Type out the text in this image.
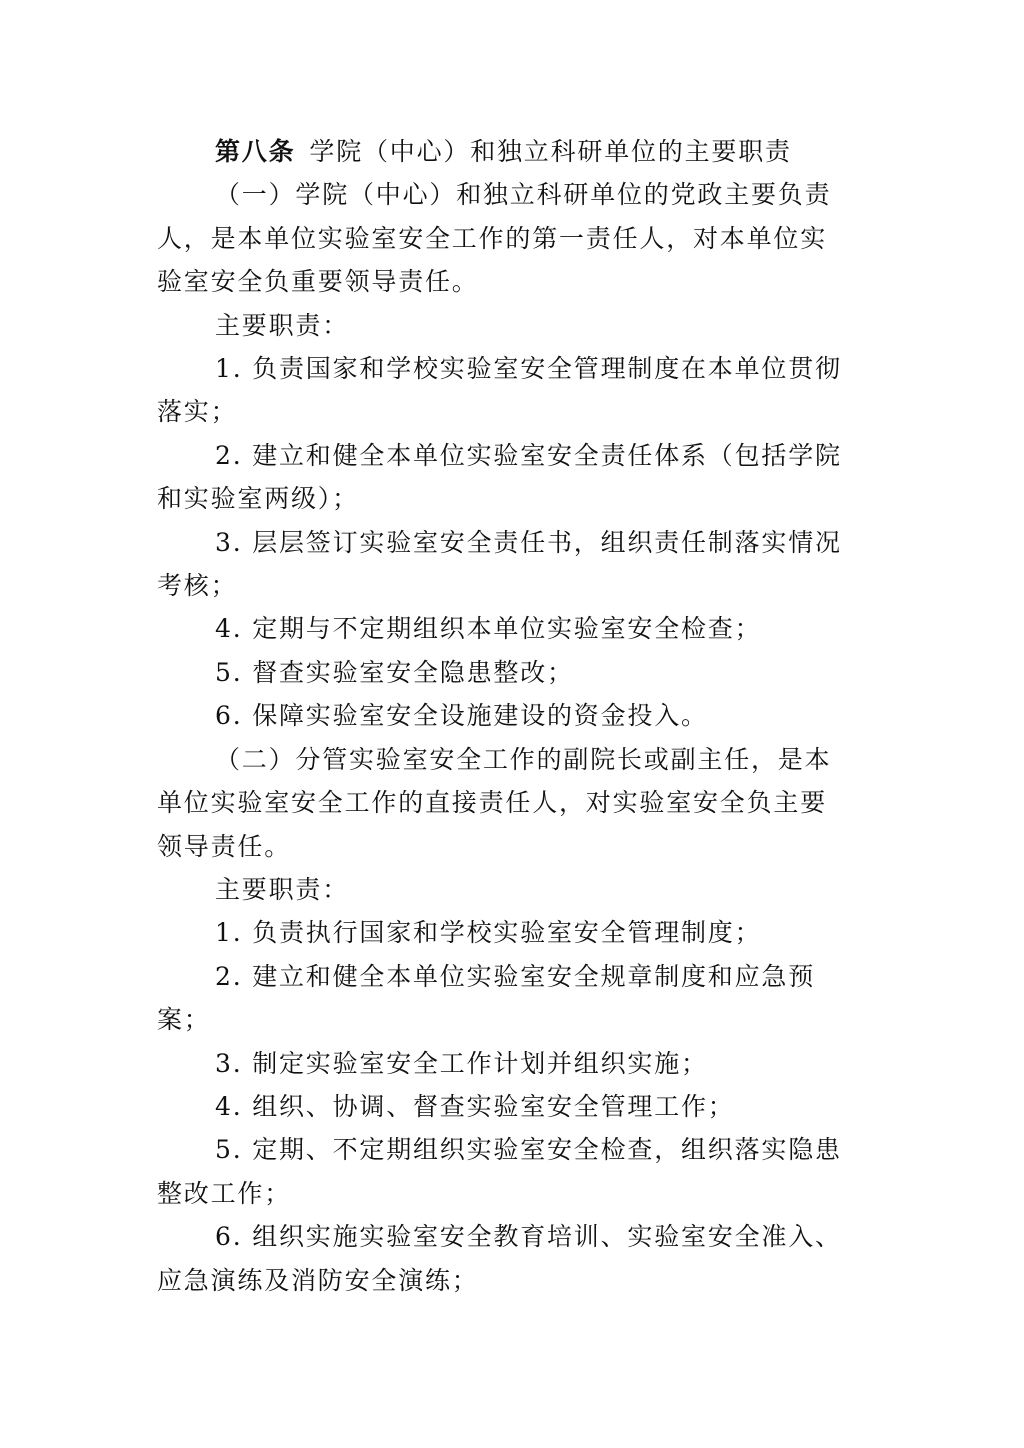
第八条 学院（中心）和独立科研单位的主要职责
（一）学院（中心）和独立科研单位的党政主要负责
人，是本单位实验室安全工作的第一责任人，对本单位实
验室安全负重要领导责任。
主要职责：
1. 负责国家和学校实验室安全管理制度在本单位贯彻
落实；
2. 建立和健全本单位实验室安全责任体系（包括学院
和实验室两级）；
3. 层层签订实验室安全责任书，组织责任制落实情况
考核；
4. 定期与不定期组织本单位实验室安全检查；
5. 督查实验室安全隐患整改；
6. 保障实验室安全设施建设的资金投入。
（二）分管实验室安全工作的副院长或副主任，是本
单位实验室安全工作的直接责任人，对实验室安全负主要
领导责任。
主要职责：
1. 负责执行国家和学校实验室安全管理制度；
2. 建立和健全本单位实验室安全规章制度和应急预
案；
3. 制定实验室安全工作计划并组织实施；
4. 组织、协调、督查实验室安全管理工作；
5. 定期、不定期组织实验室安全检查，组织落实隐患
整改工作；
6. 组织实施实验室安全教育培训、实验室安全准入、
应急演练及消防安全演练；
